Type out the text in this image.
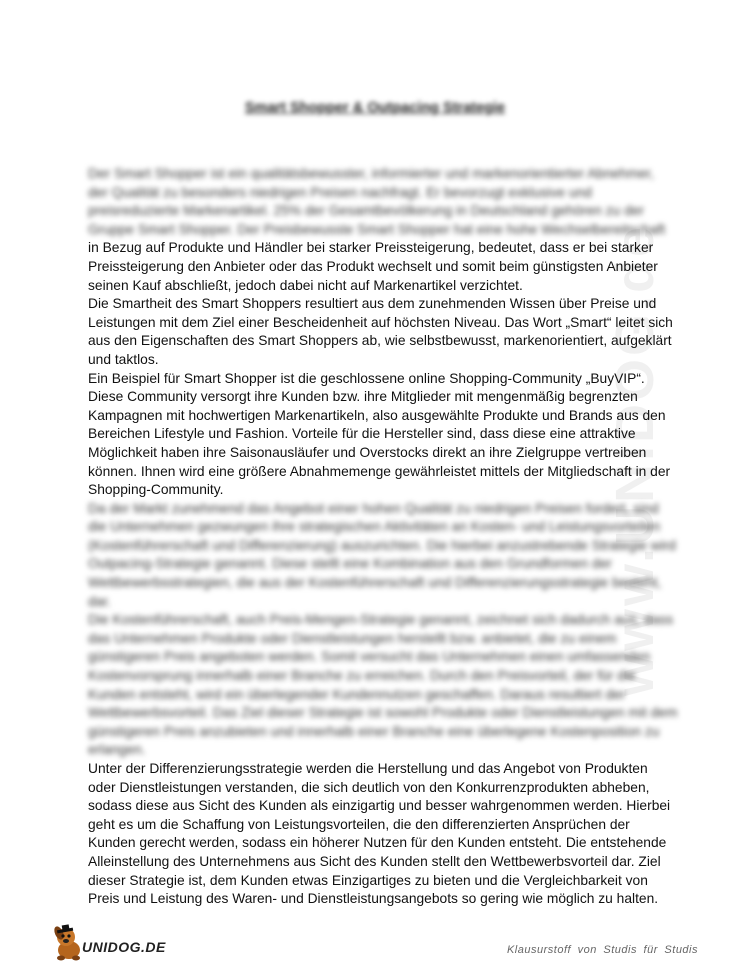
www.UNIDOG.de
Smart Shopper & Outpacing Strategie
Der Smart Shopper ist ein qualitätsbewusster, informierter und markenorientierter Abnehmer,
der Qualität zu besonders niedrigen Preisen nachfragt. Er bevorzugt exklusive und
preisreduzierte Markenartikel. 25% der Gesamtbevölkerung in Deutschland gehören zu der
Gruppe Smart Shopper. Der Preisbewusste Smart Shopper hat eine hohe Wechselbereitschaft
in Bezug auf Produkte und Händler bei starker Preissteigerung, bedeutet, dass er bei starker
Preissteigerung den Anbieter oder das Produkt wechselt und somit beim günstigsten Anbieter
seinen Kauf abschließt, jedoch dabei nicht auf Markenartikel verzichtet.
Die Smartheit des Smart Shoppers resultiert aus dem zunehmenden Wissen über Preise und
Leistungen mit dem Ziel einer Bescheidenheit auf höchsten Niveau. Das Wort „Smart“ leitet sich
aus den Eigenschaften des Smart Shoppers ab, wie selbstbewusst, markenorientiert, aufgeklärt
und taktlos.
Ein Beispiel für Smart Shopper ist die geschlossene online Shopping-Community „BuyVIP“.
Diese Community versorgt ihre Kunden bzw. ihre Mitglieder mit mengenmäßig begrenzten
Kampagnen mit hochwertigen Markenartikeln, also ausgewählte Produkte und Brands aus den
Bereichen Lifestyle und Fashion. Vorteile für die Hersteller sind, dass diese eine attraktive
Möglichkeit haben ihre Saisonausläufer und Overstocks direkt an ihre Zielgruppe vertreiben
können. Ihnen wird eine größere Abnahmemenge gewährleistet mittels der Mitgliedschaft in der
Shopping-Community.
Da der Markt zunehmend das Angebot einer hohen Qualität zu niedrigen Preisen fordert, sind
die Unternehmen gezwungen ihre strategischen Aktivitäten an Kosten- und Leistungsvorteilen
(Kostenführerschaft und Differenzierung) auszurichten. Die hierbei anzustrebende Strategie wird
Outpacing-Strategie genannt. Diese stellt eine Kombination aus den Grundformen der
Wettbewerbsstrategien, die aus der Kostenführerschaft und Differenzierungsstrategie besteht,
dar.
Die Kostenführerschaft, auch Preis-Mengen-Strategie genannt, zeichnet sich dadurch aus, dass
das Unternehmen Produkte oder Dienstleistungen herstellt bzw. anbietet, die zu einem
günstigeren Preis angeboten werden. Somit versucht das Unternehmen einen umfassenden
Kostenvorsprung innerhalb einer Branche zu erreichen. Durch den Preisvorteil, der für die
Kunden entsteht, wird ein überlegender Kundennutzen geschaffen. Daraus resultiert der
Wettbewerbsvorteil. Das Ziel dieser Strategie ist sowohl Produkte oder Dienstleistungen mit dem
günstigeren Preis anzubieten und innerhalb einer Branche eine überlegene Kostenposition zu
erlangen.
Unter der Differenzierungsstrategie werden die Herstellung und das Angebot von Produkten
oder Dienstleistungen verstanden, die sich deutlich von den Konkurrenzprodukten abheben,
sodass diese aus Sicht des Kunden als einzigartig und besser wahrgenommen werden. Hierbei
geht es um die Schaffung von Leistungsvorteilen, die den differenzierten Ansprüchen der
Kunden gerecht werden, sodass ein höherer Nutzen für den Kunden entsteht. Die entstehende
Alleinstellung des Unternehmens aus Sicht des Kunden stellt den Wettbewerbsvorteil dar. Ziel
dieser Strategie ist, dem Kunden etwas Einzigartiges zu bieten und die Vergleichbarkeit von
Preis und Leistung des Waren- und Dienstleistungsangebots so gering wie möglich zu halten.
UNIDOG.DE	Klausurstoff von Studis für Studis
